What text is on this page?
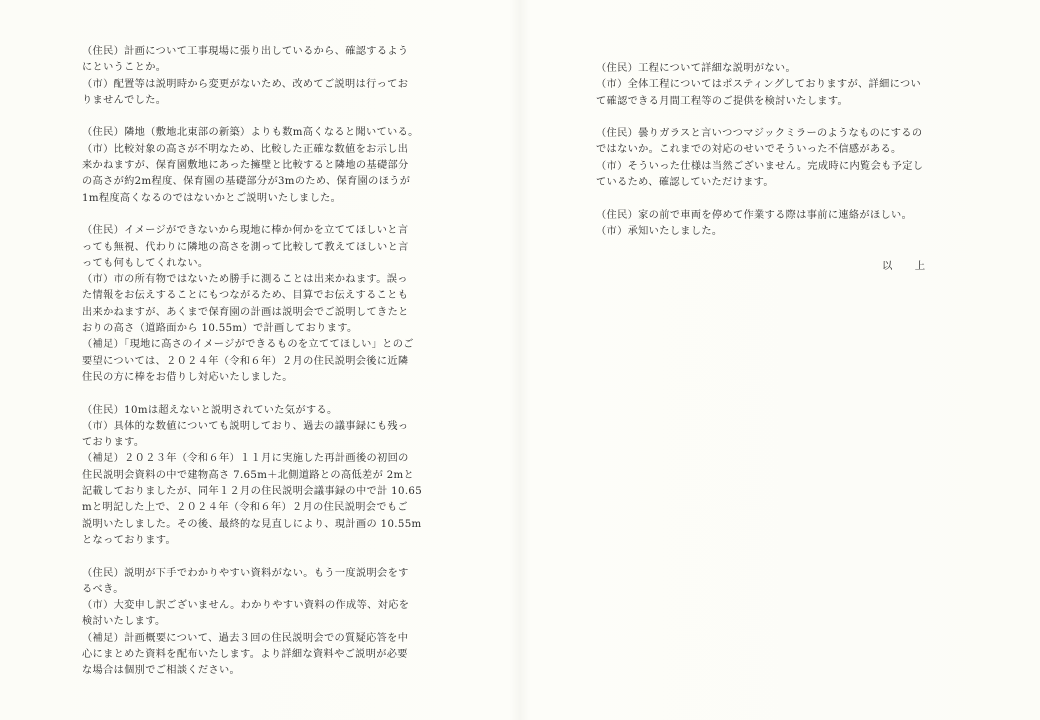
（住民）計画について工事現場に張り出しているから、確認するよう
にということか。
（市）配置等は説明時から変更がないため、改めてご説明は行ってお
りませんでした。
（住民）隣地（敷地北東部の新築）よりも数m高くなると聞いている。
（市）比較対象の高さが不明なため、比較した正確な数値をお示し出
来かねますが、保育園敷地にあった擁壁と比較すると隣地の基礎部分
の高さが約2m程度、保育園の基礎部分が3mのため、保育園のほうが
1m程度高くなるのではないかとご説明いたしました。
（住民）イメージができないから現地に棒か何かを立ててほしいと言
っても無視、代わりに隣地の高さを測って比較して教えてほしいと言
っても何もしてくれない。
（市）市の所有物ではないため勝手に測ることは出来かねます。誤っ
た情報をお伝えすることにもつながるため、目算でお伝えすることも
出来かねますが、あくまで保育園の計画は説明会でご説明してきたと
おりの高さ（道路面から 10.55m）で計画しております。
（補足）「現地に高さのイメージができるものを立ててほしい」とのご
要望については、２０２４年（令和６年）２月の住民説明会後に近隣
住民の方に棒をお借りし対応いたしました。
（住民）10mは超えないと説明されていた気がする。
（市）具体的な数値についても説明しており、過去の議事録にも残っ
ております。
（補足）２０２３年（令和６年）１１月に実施した再計画後の初回の
住民説明会資料の中で建物高さ 7.65m＋北側道路との高低差が 2mと
記載しておりましたが、同年１２月の住民説明会議事録の中で計 10.65
mと明記した上で、２０２４年（令和６年）２月の住民説明会でもご
説明いたしました。その後、最終的な見直しにより、現計画の 10.55m
となっております。
（住民）説明が下手でわかりやすい資料がない。もう一度説明会をす
るべき。
（市）大変申し訳ございません。わかりやすい資料の作成等、対応を
検討いたします。
（補足）計画概要について、過去３回の住民説明会での質疑応答を中
心にまとめた資料を配布いたします。より詳細な資料やご説明が必要
な場合は個別でご相談ください。
（住民）工程について詳細な説明がない。
（市）全体工程についてはポスティングしておりますが、詳細につい
て確認できる月間工程等のご提供を検討いたします。
（住民）曇りガラスと言いつつマジックミラーのようなものにするの
ではないか。これまでの対応のせいでそういった不信感がある。
（市）そういった仕様は当然ございません。完成時に内覧会も予定し
ているため、確認していただけます。
（住民）家の前で車両を停めて作業する際は事前に連絡がほしい。
（市）承知いたしました。
以　上
